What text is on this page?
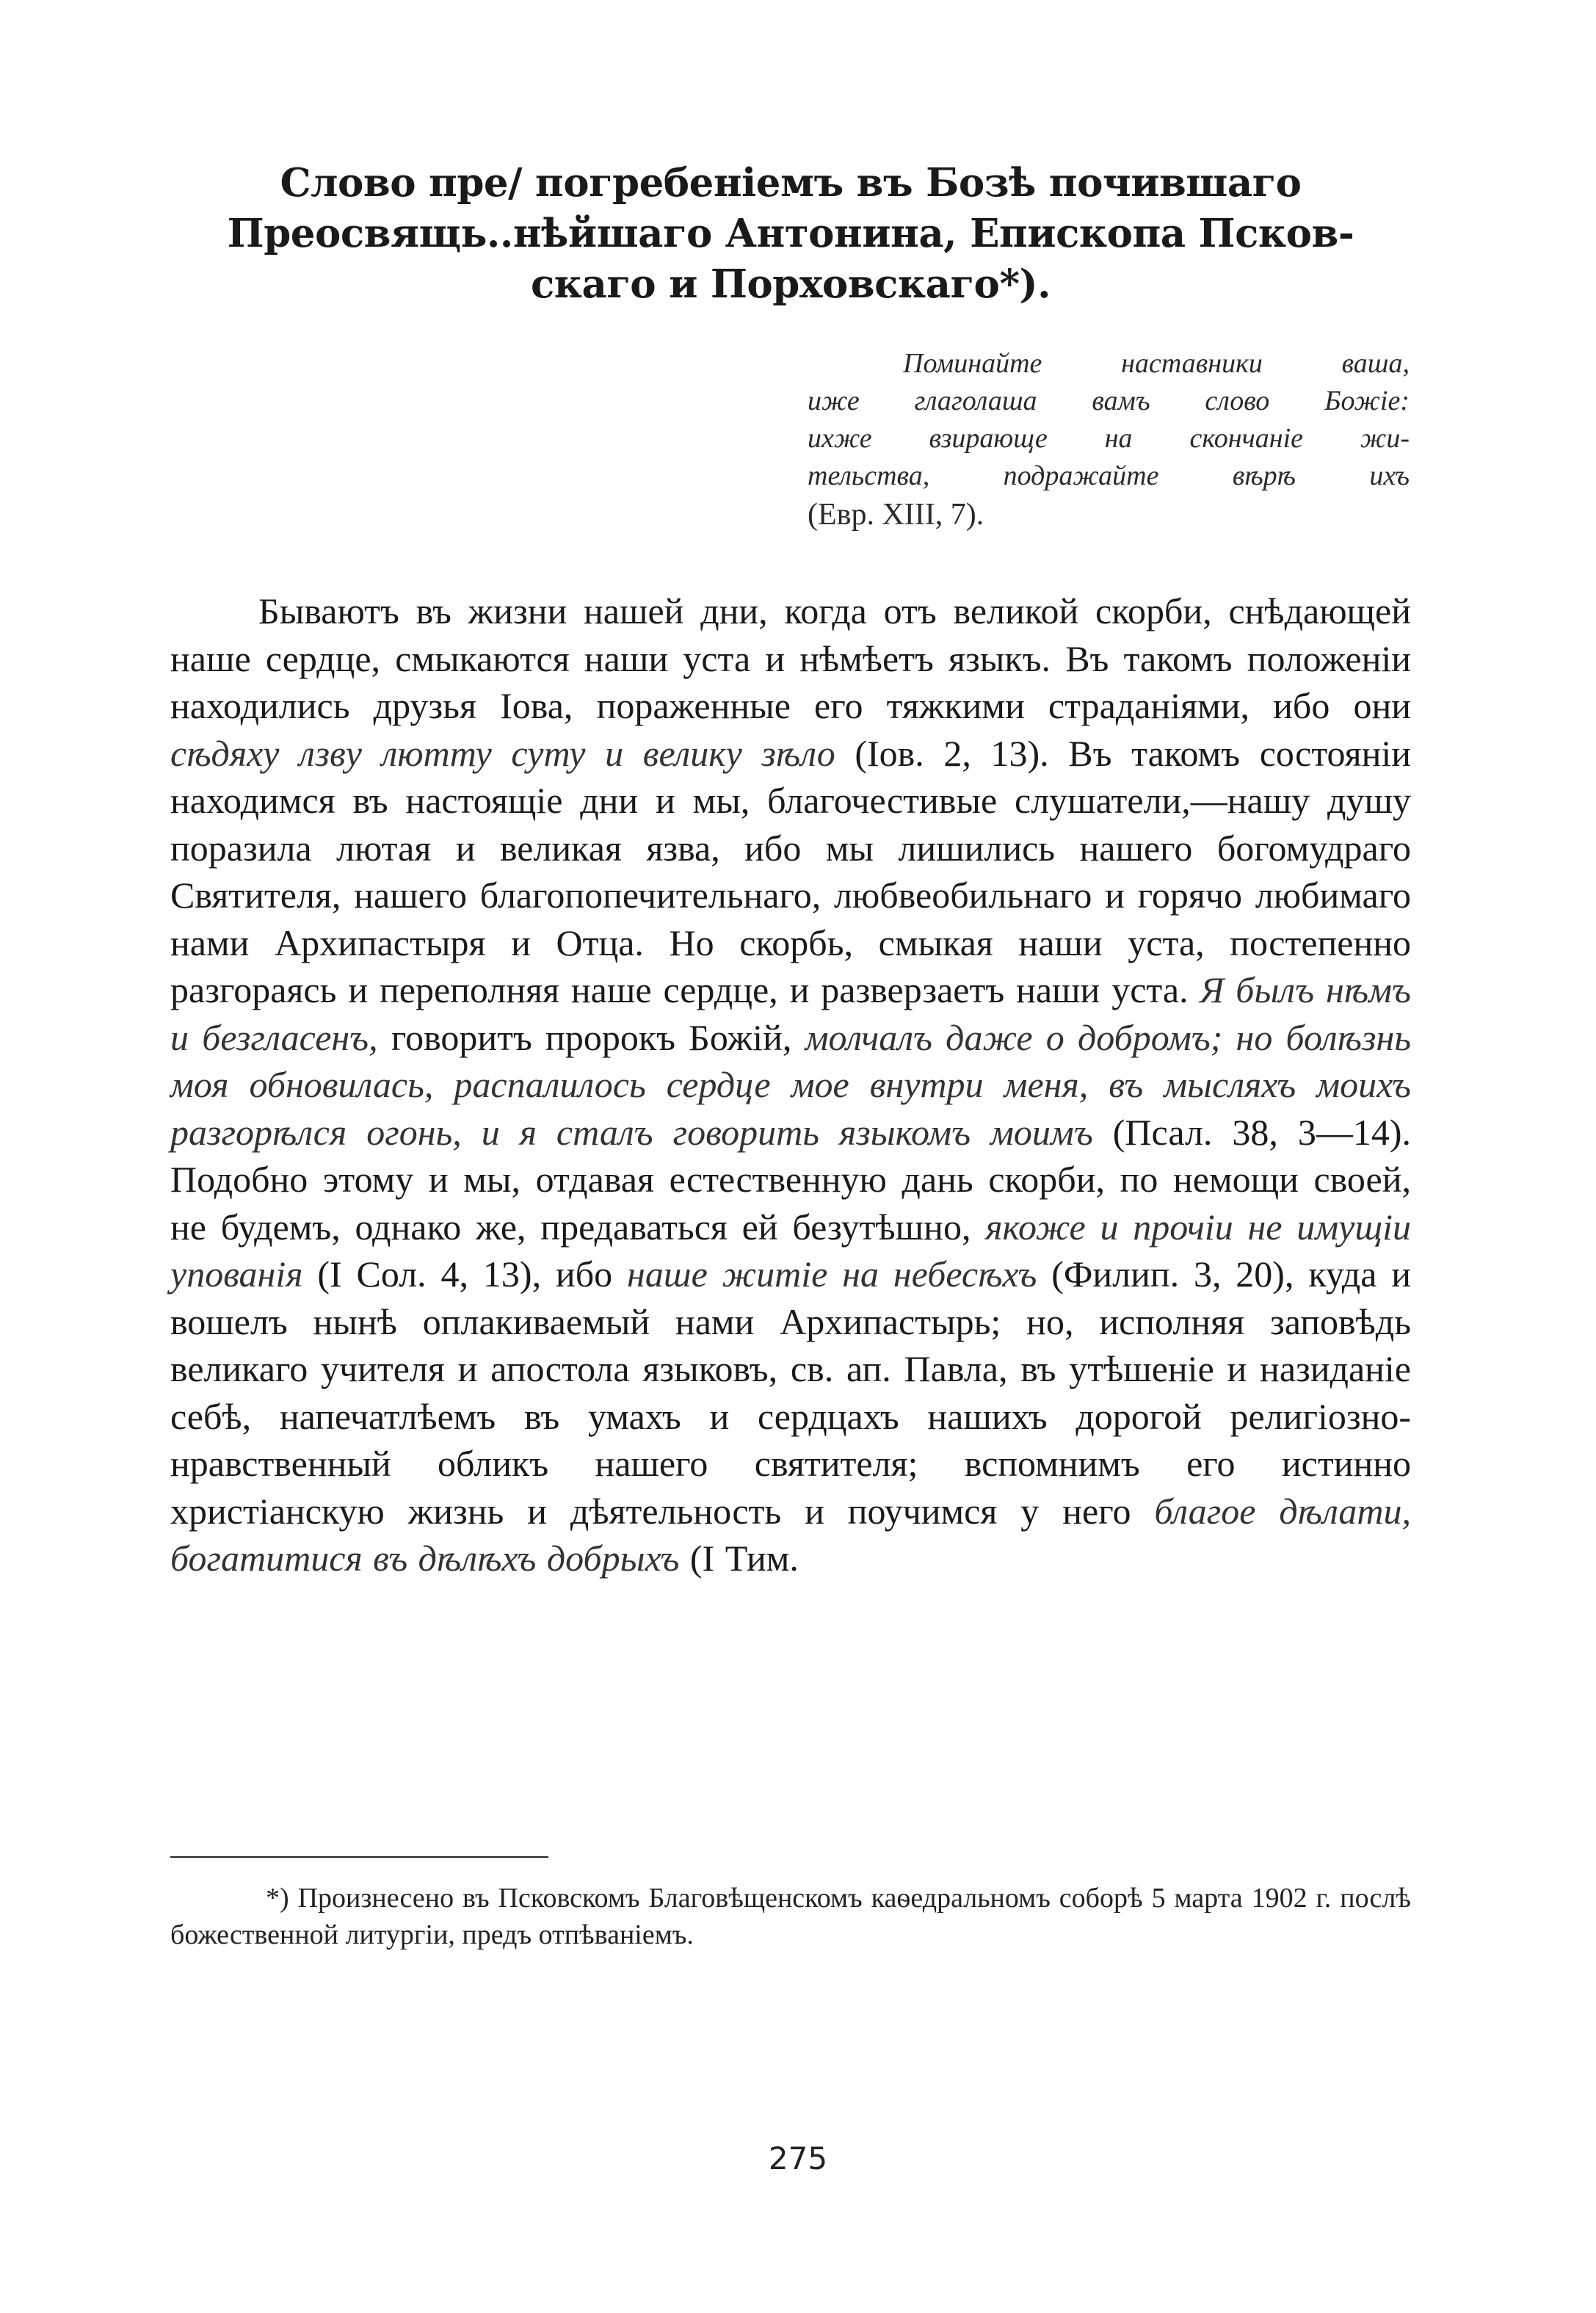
Слово пре/ погребеніемъ въ Бозѣ почившаго
Преосвящь..нѣйшаго Антонина, Епископа Псков-
скаго и Порховскаго*).
Поминайте наставники ваша,
иже глаголаша вамъ слово Божіе:
ихже взирающе на скончаніе жи-
тельства, подражайте вѣрѣ ихъ
(Евр. XIII, 7).

Бываютъ въ жизни нашей дни, когда отъ великой скорби, снѣдающей наше сердце, смыкаются наши уста и нѣмѣетъ языкъ. Въ такомъ положеніи находились друзья Іова, пораженные его тяжкими страданіями, ибо они сѣдяху лзву лютту суту и велику зѣло (Іов. 2, 13). Въ такомъ состояніи находимся въ настоящіе дни и мы, благочестивые слушатели,—нашу душу поразила лютая и великая язва, ибо мы лишились нашего богомудраго Святителя, нашего благопопечительнаго, любвеобильнаго и горячо любимаго нами Архипастыря и Отца. Но скорбь, смыкая наши уста, постепенно разгораясь и переполняя наше сердце, и разверзаетъ наши уста. Я былъ нѣмъ и безгласенъ, говоритъ пророкъ Божій, молчалъ даже о добромъ; но болѣзнь моя обновилась, распалилось сердце мое внутри меня, въ мысляхъ моихъ разгорѣлся огонь, и я сталъ говорить языкомъ моимъ (Псал. 38, 3—14). Подобно этому и мы, отдавая естественную дань скорби, по немощи своей, не будемъ, однако же, предаваться ей безутѣшно, якоже и прочіи не имущіи упованія (I Сол. 4, 13), ибо наше житіе на небесѣхъ (Филип. 3, 20), куда и вошелъ нынѣ оплакиваемый нами Архипастырь; но, исполняя заповѣдь великаго учителя и апостола языковъ, св. ап. Павла, въ утѣшеніе и назиданіе себѣ, напечатлѣемъ въ умахъ и сердцахъ нашихъ дорогой религіозно-нравственный обликъ нашего святителя; вспомнимъ его истинно христіанскую жизнь и дѣятельность и поучимся у него благое дѣлати, богатитися въ дѣлѣхъ добрыхъ (I Тим.

*) Произнесено въ Псковскомъ Благовѣщенскомъ каѳедральномъ соборѣ 5 марта 1902 г. послѣ божественной литургіи, предъ отпѣваніемъ.

275
